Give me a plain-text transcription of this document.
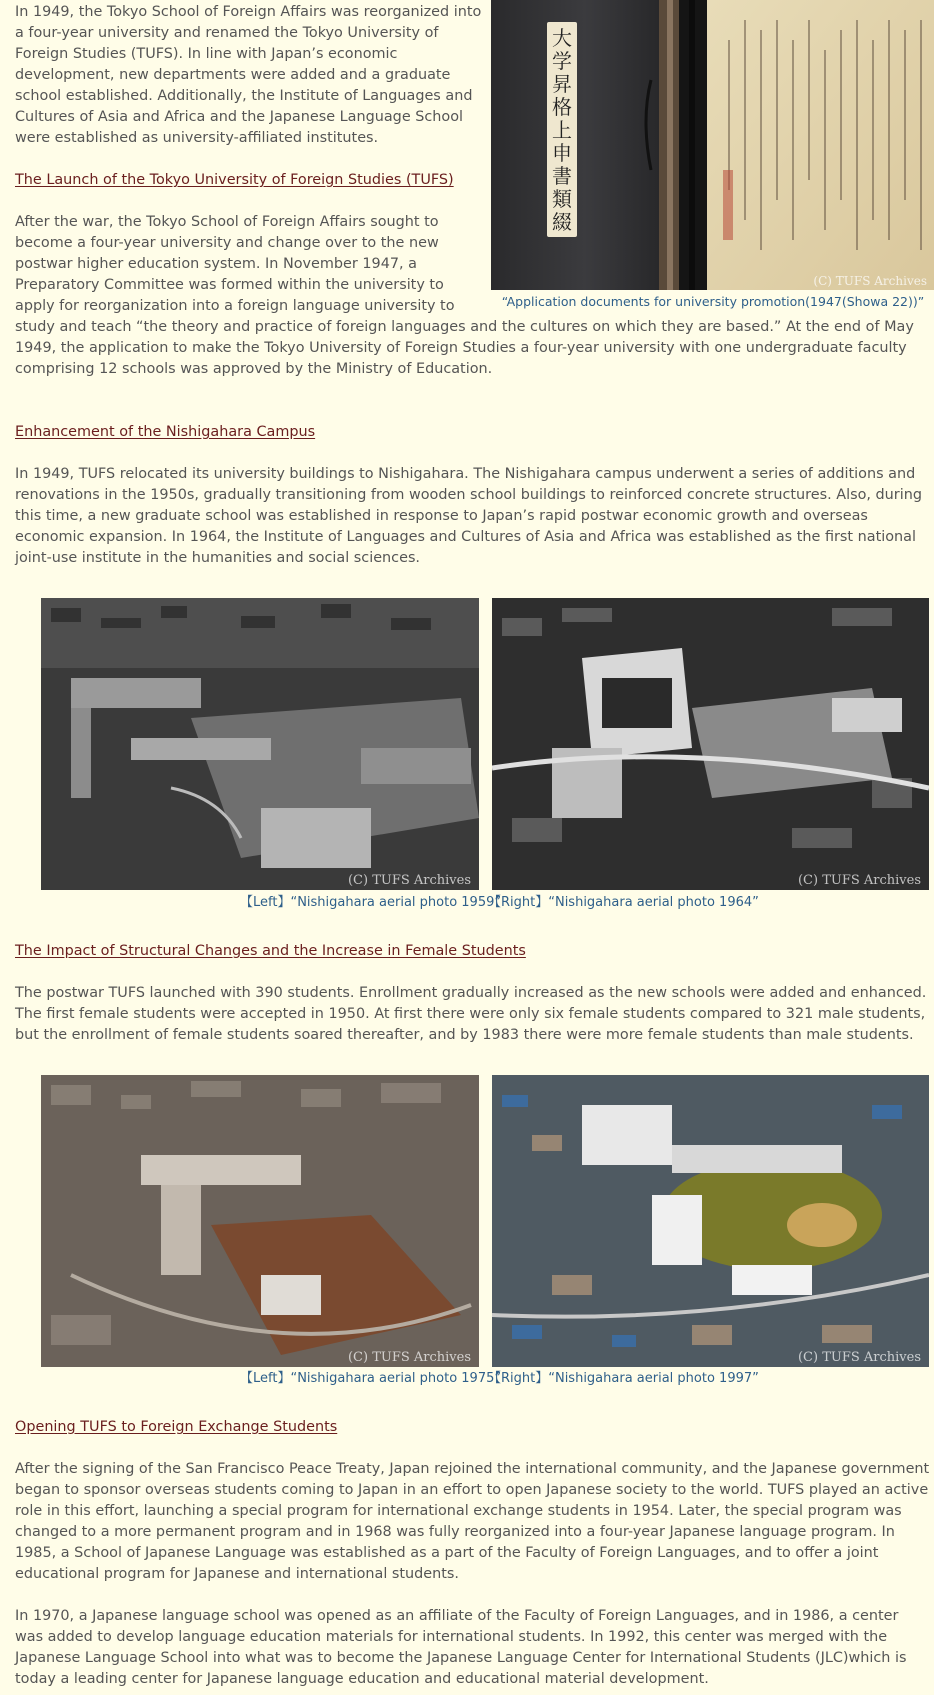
大
学
昇
格
上
申
書
類
綴
(C) TUFS Archives
“Application documents for university promotion(1947(Showa 22))”

In 1949, the Tokyo School of Foreign Affairs was reorganized into a four-year university and renamed the Tokyo University of Foreign Studies (TUFS). In line with Japan’s economic development, new departments were added and a graduate school established. Additionally, the Institute of Languages and Cultures of Asia and Africa and the Japanese Language School were established as university-affiliated institutes.

The Launch of the Tokyo University of Foreign Studies (TUFS)

After the war, the Tokyo School of Foreign Affairs sought to become a four-year university and change over to the new postwar higher education system. In November 1947, a Preparatory Committee was formed within the university to apply for reorganization into a foreign language university to study and teach “the theory and practice of foreign languages and the cultures on which they are based.” At the end of May 1949, the application to make the Tokyo University of Foreign Studies a four-year university with one undergraduate faculty comprising 12 schools was approved by the Ministry of Education.

Enhancement of the Nishigahara Campus
In 1949, TUFS relocated its university buildings to Nishigahara. The Nishigahara campus underwent a series of additions and renovations in the 1950s, gradually transitioning from wooden school buildings to reinforced concrete structures. Also, during this time, a new graduate school was established in response to Japan’s rapid postwar economic growth and overseas economic expansion. In 1964, the Institute of Languages and Cultures of Asia and Africa was established as the first national joint-use institute in the humanities and social sciences.
(C) TUFS Archives	(C) TUFS Archives
【Left】“Nishigahara aerial photo 1959”
【Right】“Nishigahara aerial photo 1964”
The Impact of Structural Changes and the Increase in Female Students
The postwar TUFS launched with 390 students. Enrollment gradually increased as the new schools were added and enhanced. The first female students were accepted in 1950. At first there were only six female students compared to 321 male students, but the enrollment of female students soared thereafter, and by 1983 there were more female students than male students.
(C) TUFS Archives	(C) TUFS Archives
【Left】“Nishigahara aerial photo 1975”
【Right】“Nishigahara aerial photo 1997”
Opening TUFS to Foreign Exchange Students
After the signing of the San Francisco Peace Treaty, Japan rejoined the international community, and the Japanese government began to sponsor overseas students coming to Japan in an effort to open Japanese society to the world. TUFS played an active role in this effort, launching a special program for international exchange students in 1954. Later, the special program was changed to a more permanent program and in 1968 was fully reorganized into a four-year Japanese language program. In 1985, a School of Japanese Language was established as a part of the Faculty of Foreign Languages, and to offer a joint educational program for Japanese and international students.
In 1970, a Japanese language school was opened as an affiliate of the Faculty of Foreign Languages, and in 1986, a center was added to develop language education materials for international students. In 1992, this center was merged with the Japanese Language School into what was to become the Japanese Language Center for International Students (JLC)which is today a leading center for Japanese language education and educational material development.
